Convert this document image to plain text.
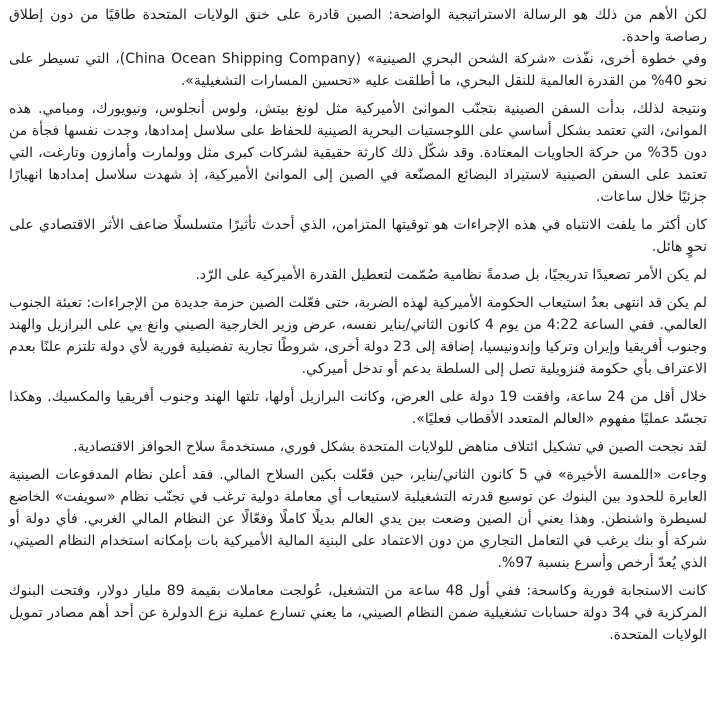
لكن الأهم من ذلك هو الرسالة الاستراتيجية الواضحة: الصين قادرة على خنق الولايات المتحدة طاقيًا من دون إطلاق رصاصة واحدة.

وفي خطوة أخرى، نفّذت «شركة الشحن البحري الصينية» (China Ocean Shipping Company)، التي تسيطر على نحو 40% من القدرة العالمية للنقل البحري، ما أطلقت عليه «تحسين المسارات التشغيلية».

ونتيجة لذلك، بدأت السفن الصينية بتجنّب الموانئ الأميركية مثل لونغ بيتش، ولوس أنجلوس، ونيويورك، وميامي. هذه الموانئ، التي تعتمد بشكل أساسي على اللوجستيات البحرية الصينية للحفاظ على سلاسل إمدادها، وجدت نفسها فجأة من دون 35% من حركة الحاويات المعتادة. وقد شكّل ذلك كارثة حقيقية لشركات كبرى مثل وولمارت وأمازون وتارغت، التي تعتمد على السفن الصينية لاستيراد البضائع المصنّعة في الصين إلى الموانئ الأميركية، إذ شهدت سلاسل إمدادها انهيارًا جزئيًا خلال ساعات.

كان أكثر ما يلفت الانتباه في هذه الإجراءات هو توقيتها المتزامن، الذي أحدث تأثيرًا متسلسلًا ضاعف الأثر الاقتصادي على نحوٍ هائل.

لم يكن الأمر تصعيدًا تدريجيًا، بل صدمةً نظامية صُمّمت لتعطيل القدرة الأميركية على الرّد.

لم يكن قد انتهى بعدُ استيعاب الحكومة الأميركية لهذه الضربة، حتى فعّلت الصين حزمة جديدة من الإجراءات: تعبئة الجنوب العالمي. ففي الساعة 4:22 من يوم 4 كانون الثاني/يناير نفسه، عرض وزير الخارجية الصيني وانغ يي على البرازيل والهند وجنوب أفريقيا وإيران وتركيا وإندونيسيا، إضافة إلى 23 دولة أخرى، شروطًا تجارية تفضيلية فورية لأي دولة تلتزم علنًا بعدم الاعتراف بأي حكومة فنزويلية تصل إلى السلطة بدعم أو تدخل أميركي.

خلال أقل من 24 ساعة، وافقت 19 دولة على العرض، وكانت البرازيل أولها، تلتها الهند وجنوب أفريقيا والمكسيك. وهكذا تجسّد عمليًا مفهوم «العالم المتعدد الأقطاب فعليًا».

لقد نجحت الصين في تشكيل ائتلاف مناهض للولايات المتحدة بشكل فوري، مستخدمةً سلاح الحوافز الاقتصادية.

وجاءت «اللمسة الأخيرة» في 5 كانون الثاني/يناير، حين فعّلت بكين السلاح المالي. فقد أعلن نظام المدفوعات الصينية العابرة للحدود بين البنوك عن توسيع قدرته التشغيلية لاستيعاب أي معاملة دولية ترغب في تجنّب نظام «سويفت» الخاضع لسيطرة واشنطن. وهذا يعني أن الصين وضعت بين يدي العالم بديلًا كاملًا وفعّالًا عن النظام المالي الغربي. فأي دولة أو شركة أو بنك يرغب في التعامل التجاري من دون الاعتماد على البنية المالية الأميركية بات بإمكانه استخدام النظام الصيني، الذي يُعدّ أرخص وأسرع بنسبة 97%.

كانت الاستجابة فورية وكاسحة: ففي أول 48 ساعة من التشغيل، عُولجت معاملات بقيمة 89 مليار دولار، وفتحت البنوك المركزية في 34 دولة حسابات تشغيلية ضمن النظام الصيني، ما يعني تسارع عملية نزع الدولرة عن أحد أهم مصادر تمويل الولايات المتحدة.
